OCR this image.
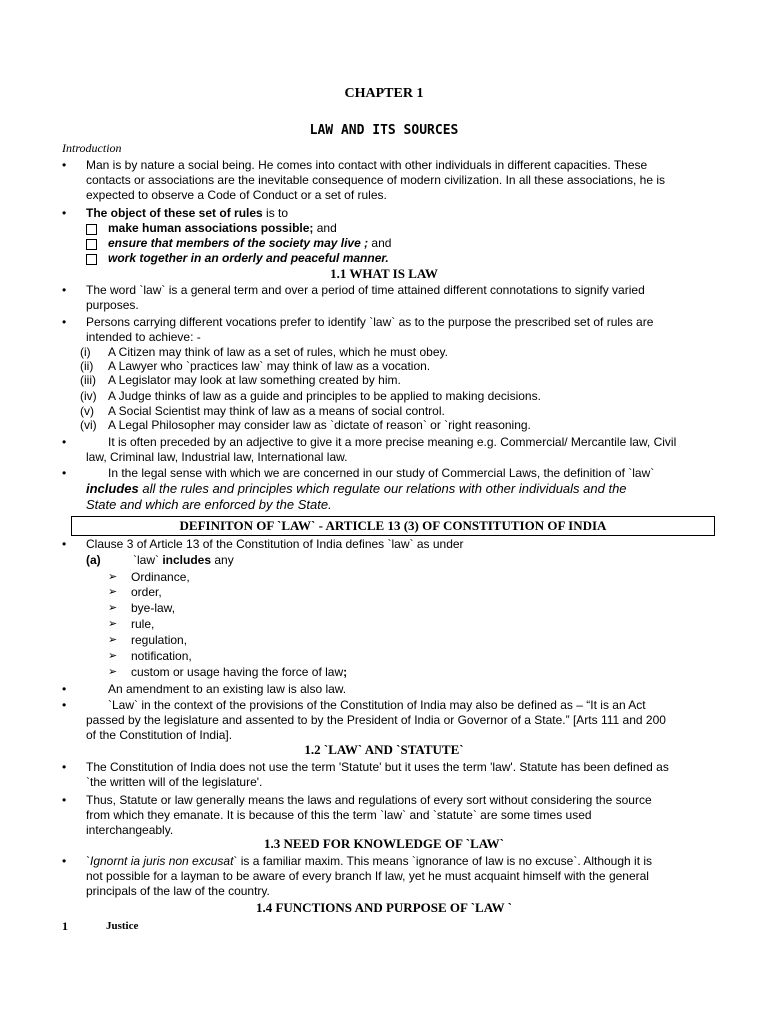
CHAPTER 1
LAW AND ITS SOURCES
Introduction
•	Man is by nature a social being. He comes into contact with other individuals in different capacities. These
contacts or associations are the inevitable consequence of modern civilization. In all these associations, he is
expected to observe a Code of Conduct or a set of rules.
•	The object of these set of rules is to
make human associations possible; and
ensure that members of the society may live ; and
work together in an orderly and peaceful manner.
1.1 WHAT IS LAW
•	The word `law` is a general term and over a period of time attained different connotations to signify varied
purposes.
•	Persons carrying different vocations prefer to identify `law` as to the purpose the prescribed set of rules are
intended to achieve: -
(i)	A Citizen may think of law as a set of rules, which he must obey.
(ii)	A Lawyer who `practices law` may think of law as a vocation.
(iii)	A Legislator may look at law something created by him.
(iv) A Judge thinks of law as a guide and principles to be applied to making decisions.
(v)	A Social Scientist may think of law as a means of social control.
(vi) A Legal Philosopher may consider law as `dictate of reason` or `right reasoning.
•	It is often preceded by an adjective to give it a more precise meaning e.g. Commercial/ Mercantile law, Civil
law, Criminal law, Industrial law, International law.
•	In the legal sense with which we are concerned in our study of Commercial Laws, the definition of `law`
includes all the rules and principles which regulate our relations with other individuals and the
State and which are enforced by the State.
DEFINITON OF `LAW` - ARTICLE 13 (3) OF CONSTITUTION OF INDIA
•	Clause 3 of Article 13 of the Constitution of India defines `law` as under
(a)	`law` includes any
➢ Ordinance,
➢ order,
➢ bye-law,
➢ rule,
➢ regulation,
➢ notification,
➢ custom or usage having the force of law;
•	An amendment to an existing law is also law.
•	`Law` in the context of the provisions of the Constitution of India may also be defined as – “It is an Act
passed by the legislature and assented to by the President of India or Governor of a State.” [Arts 111 and 200
of the Constitution of India].
1.2 `LAW` AND `STATUTE`
•	The Constitution of India does not use the term 'Statute' but it uses the term 'law'. Statute has been defined as
`the written will of the legislature'.
•	Thus, Statute or law generally means the laws and regulations of every sort without considering the source
from which they emanate. It is because of this the term `law` and `statute` are some times used
interchangeably.
1.3 NEED FOR KNOWLEDGE OF `LAW`
•	`Ignornt ia juris non excusat` is a familiar maxim. This means `ignorance of law is no excuse`. Although it is
not possible for a layman to be aware of every branch If law, yet he must acquaint himself with the general
principals of the law of the country.
1.4 FUNCTIONS AND PURPOSE OF `LAW `
1	Justice
